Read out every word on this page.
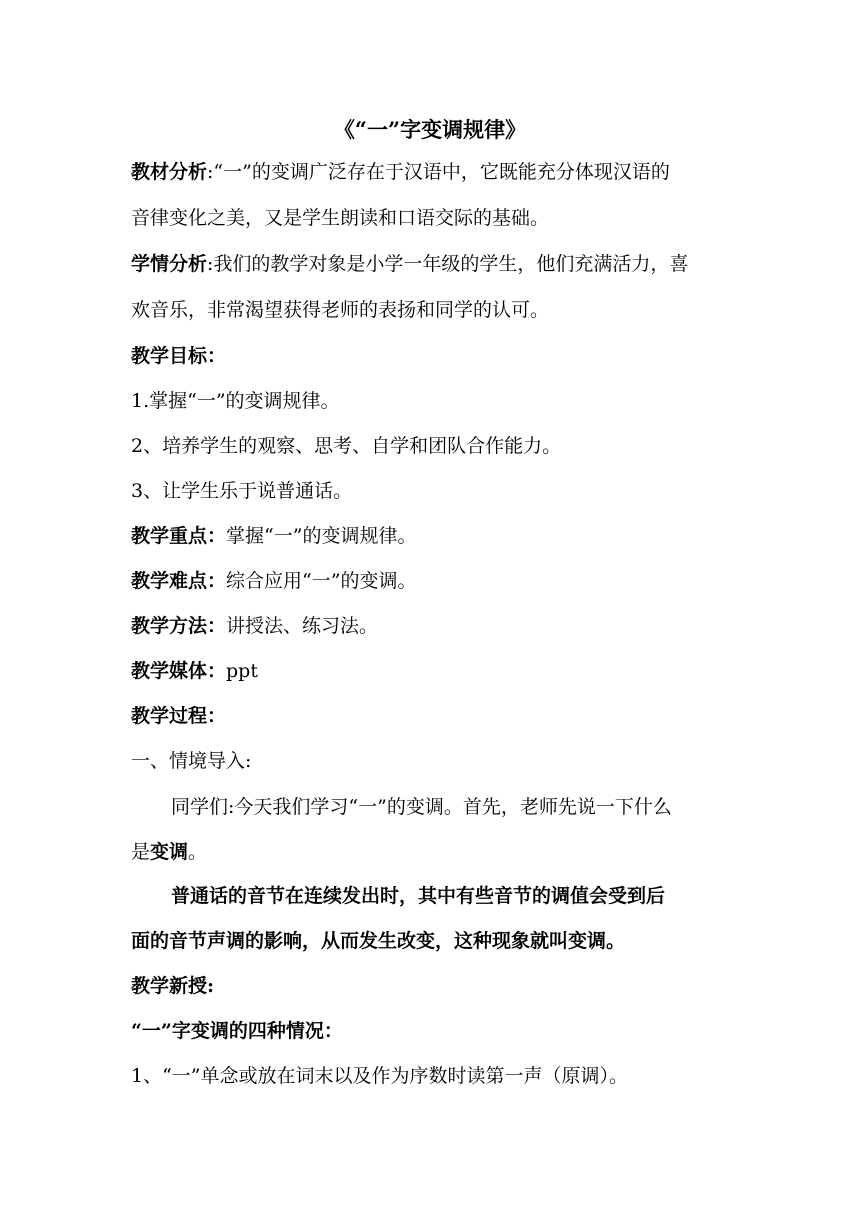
《“一”字变调规律》
教材分析:“一”的变调广泛存在于汉语中，它既能充分体现汉语的
音律变化之美，又是学生朗读和口语交际的基础。
学情分析:我们的教学对象是小学一年级的学生，他们充满活力，喜
欢音乐，非常渴望获得老师的表扬和同学的认可。
教学目标：
1.掌握“一”的变调规律。
2、培养学生的观察、思考、自学和团队合作能力。
3、让学生乐于说普通话。
教学重点：掌握“一”的变调规律。
教学难点：综合应用“一”的变调。
教学方法：讲授法、练习法。
教学媒体：ppt
教学过程：
一、情境导入:
同学们:今天我们学习“一”的变调。首先，老师先说一下什么
是变调。
普通话的音节在连续发出时，其中有些音节的调值会受到后
面的音节声调的影响，从而发生改变，这种现象就叫变调。
教学新授:
“一”字变调的四种情况：
1、“一”单念或放在词末以及作为序数时读第一声（原调）。
